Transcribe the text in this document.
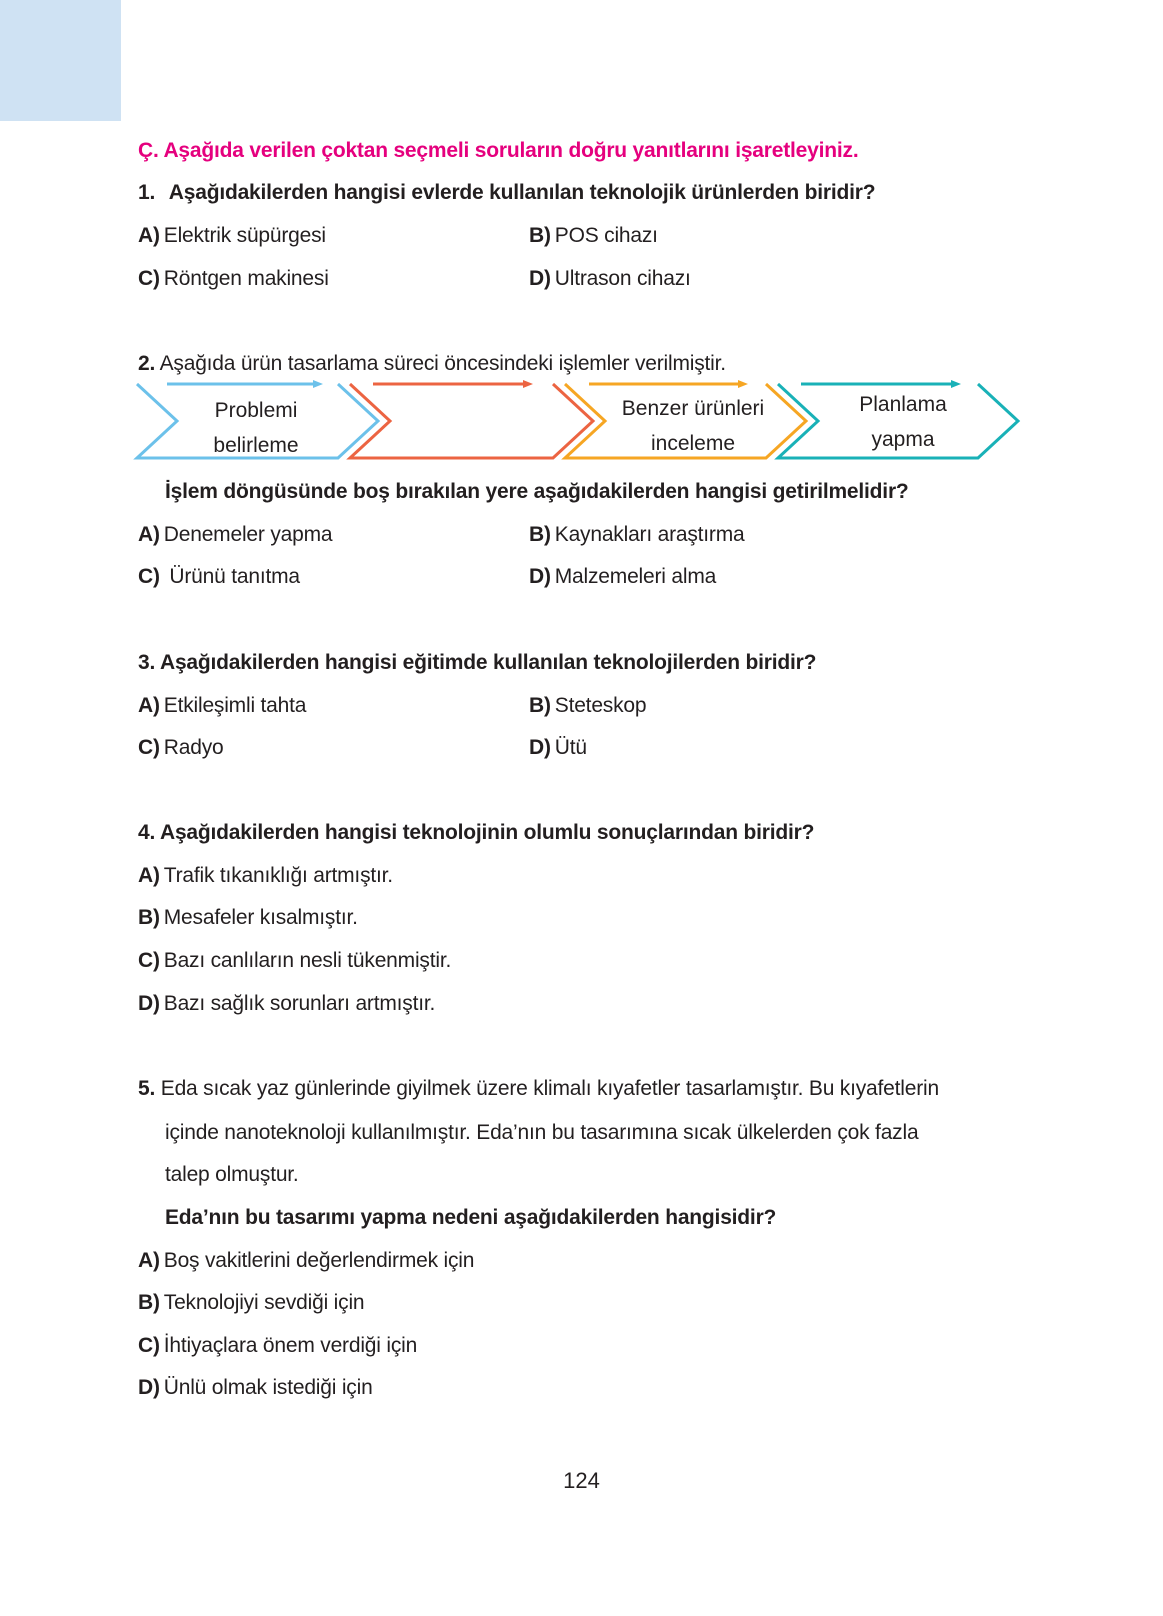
Ç. Aşağıda verilen çoktan seçmeli soruların doğru yanıtlarını işaretleyiniz.
1. Aşağıdakilerden hangisi evlerde kullanılan teknolojik ürünlerden biridir?
A) Elektrik süpürgesi	B) POS cihazı
C) Röntgen makinesi	D) Ultrason cihazı
2. Aşağıda ürün tasarlama süreci öncesindeki işlemler verilmiştir.
Problemi
belirleme
Benzer ürünleri
inceleme
Planlama
yapma
İşlem döngüsünde boş bırakılan yere aşağıdakilerden hangisi getirilmelidir?
A) Denemeler yapma	B) Kaynakları araştırma
C) Ürünü tanıtma	D) Malzemeleri alma
3. Aşağıdakilerden hangisi eğitimde kullanılan teknolojilerden biridir?
A) Etkileşimli tahta	B) Steteskop
C) Radyo	D) Ütü
4. Aşağıdakilerden hangisi teknolojinin olumlu sonuçlarından biridir?
A) Trafik tıkanıklığı artmıştır.
B) Mesafeler kısalmıştır.
C) Bazı canlıların nesli tükenmiştir.
D) Bazı sağlık sorunları artmıştır.
5. Eda sıcak yaz günlerinde giyilmek üzere klimalı kıyafetler tasarlamıştır. Bu kıyafetlerin
içinde nanoteknoloji kullanılmıştır. Eda’nın bu tasarımına sıcak ülkelerden çok fazla
talep olmuştur.
Eda’nın bu tasarımı yapma nedeni aşağıdakilerden hangisidir?
A) Boş vakitlerini değerlendirmek için
B) Teknolojiyi sevdiği için
C) İhtiyaçlara önem verdiği için
D) Ünlü olmak istediği için
124
